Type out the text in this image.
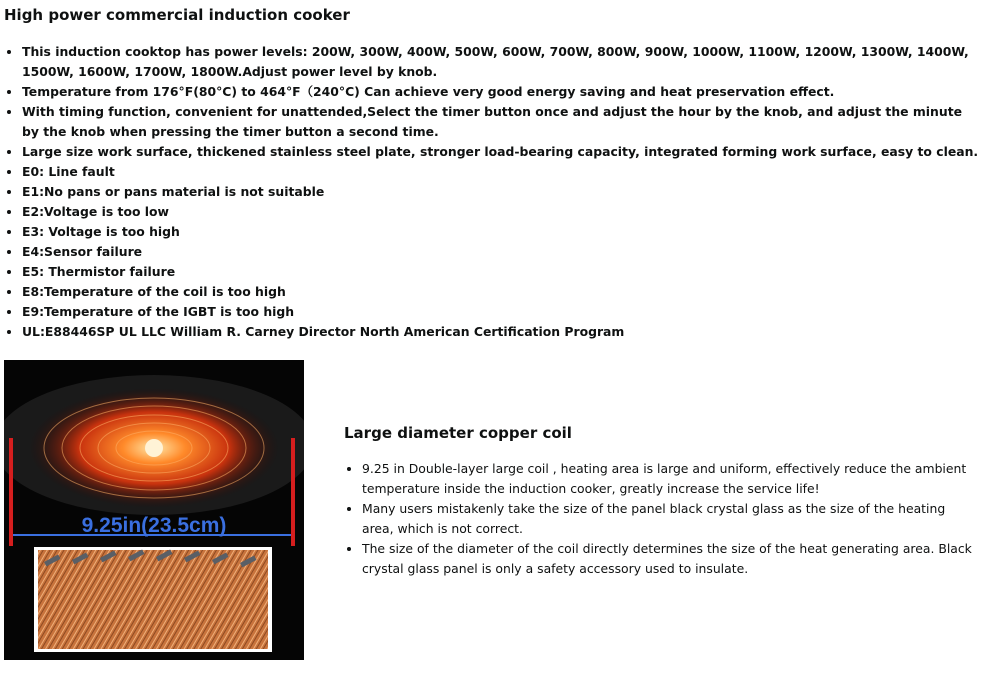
High power commercial induction cooker
• This induction cooktop has power levels: 200W, 300W, 400W, 500W, 600W, 700W, 800W, 900W, 1000W, 1100W, 1200W, 1300W, 1400W, 1500W, 1600W, 1700W, 1800W.Adjust power level by knob.
• Temperature from 176°F(80°C) to 464°F（240°C) Can achieve very good energy saving and heat preservation effect.
• With timing function, convenient for unattended,Select the timer button once and adjust the hour by the knob, and adjust the minute by the knob when pressing the timer button a second time.
• Large size work surface, thickened stainless steel plate, stronger load-bearing capacity, integrated forming work surface, easy to clean.
• E0: Line fault
• E1:No pans or pans material is not suitable
• E2:Voltage is too low
• E3: Voltage is too high
• E4:Sensor failure
• E5: Thermistor failure
• E8:Temperature of the coil is too high
• E9:Temperature of the IGBT is too high
• UL:E88446SP UL LLC William R. Carney Director North American Certification Program
9.25in(23.5cm)
Large diameter copper coil
• 9.25 in Double-layer large coil , heating area is large and uniform, effectively reduce the ambient temperature inside the induction cooker, greatly increase the service life!
• Many users mistakenly take the size of the panel black crystal glass as the size of the heating area, which is not correct.
• The size of the diameter of the coil directly determines the size of the heat generating area. Black crystal glass panel is only a safety accessory used to insulate.
